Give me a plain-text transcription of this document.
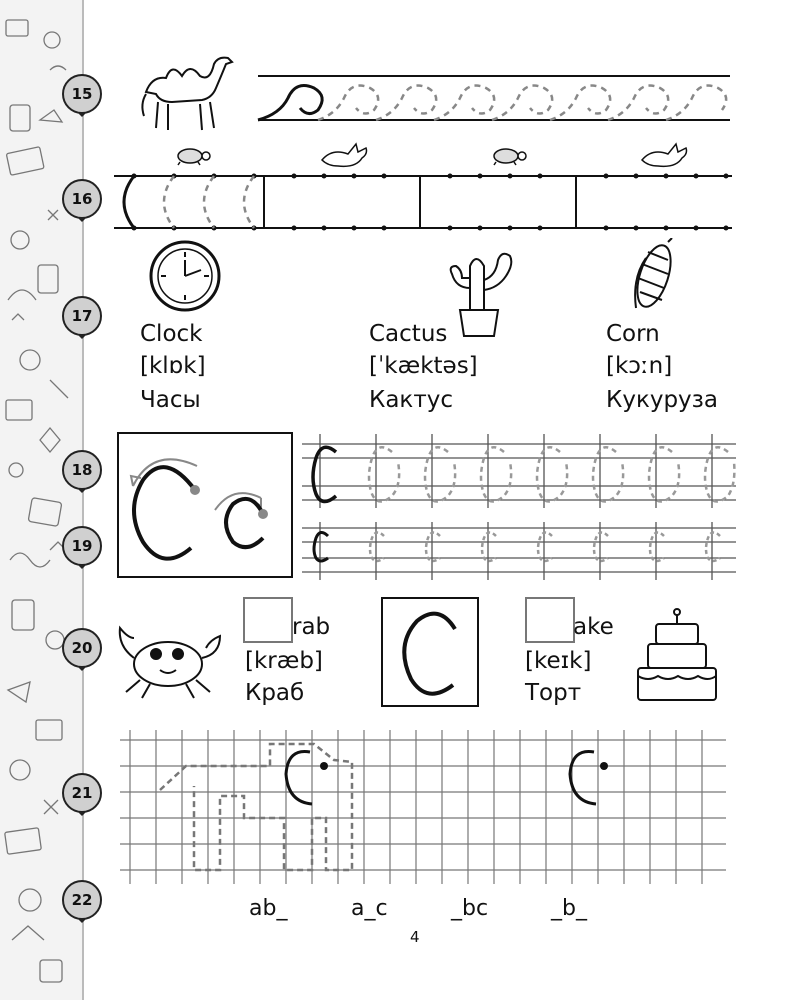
15
16
17
18
19
20
21
22
Clock
[klɒk]
Часы
Cactus
[ˈkæktəs]
Кактус
Corn
[kɔːn]
Кукуруза
rab
[kræb]
Краб
ake
[keɪk]
Торт
ab_	a_c	_bc	_b_
4
